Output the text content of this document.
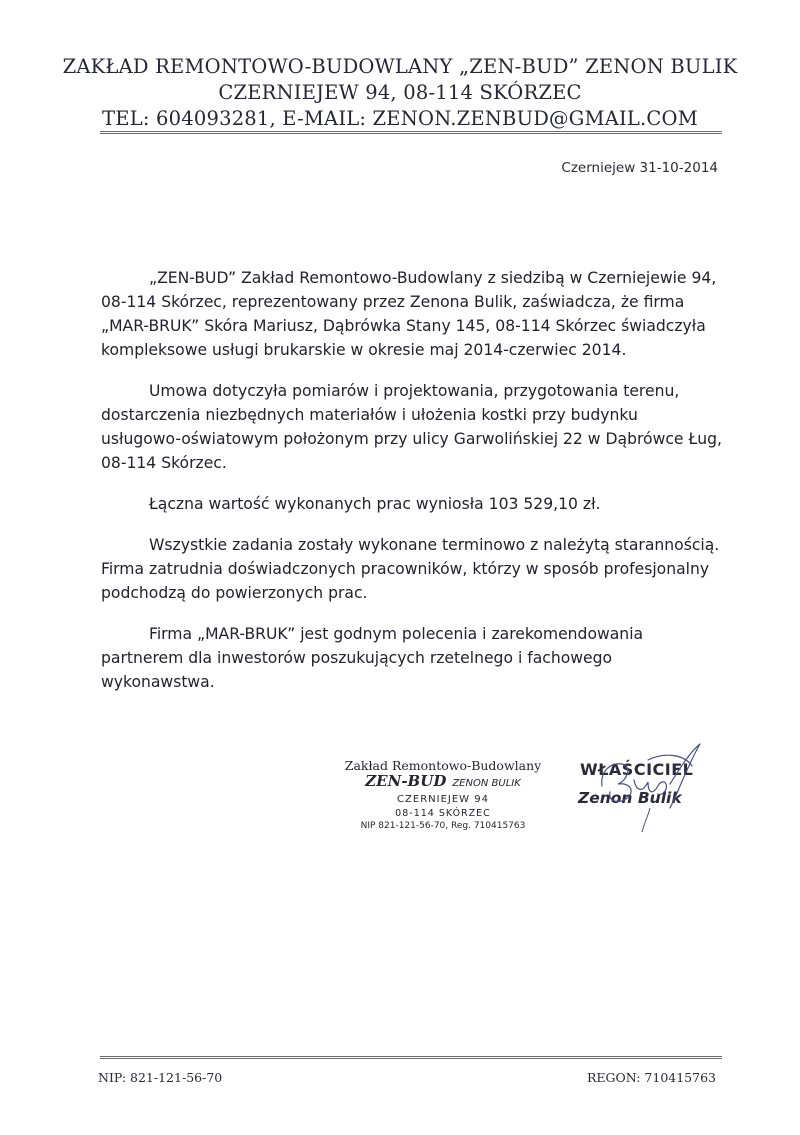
ZAKŁAD REMONTOWO-BUDOWLANY „ZEN-BUD” ZENON BULIK
CZERNIEJEW 94, 08-114 SKÓRZEC
TEL: 604093281, E-MAIL: ZENON.ZENBUD@GMAIL.COM
Czerniejew 31-10-2014

„ZEN-BUD” Zakład Remontowo-Budowlany z siedzibą w Czerniejewie 94,

08-114 Skórzec, reprezentowany przez Zenona Bulik, zaświadcza, że firma

„MAR-BRUK” Skóra Mariusz, Dąbrówka Stany 145, 08-114 Skórzec świadczyła

kompleksowe usługi brukarskie w okresie maj 2014-czerwiec 2014.

Umowa dotyczyła pomiarów i projektowania, przygotowania terenu,

dostarczenia niezbędnych materiałów i ułożenia kostki przy budynku

usługowo-oświatowym położonym przy ulicy Garwolińskiej 22 w Dąbrówce Ług,

08-114 Skórzec.

Łączna wartość wykonanych prac wyniosła 103 529,10 zł.

Wszystkie zadania zostały wykonane terminowo z należytą starannością.

Firma zatrudnia doświadczonych pracowników, którzy w sposób profesjonalny

podchodzą do powierzonych prac.

Firma „MAR-BRUK” jest godnym polecenia i zarekomendowania

partnerem dla inwestorów poszukujących rzetelnego i fachowego

wykonawstwa.

Zakład Remontowo-Budowlany
ZEN-BUD ZENON BULIK
CZERNIEJEW 94
08-114 SKÓRZEC
NIP 821-121-56-70, Reg. 710415763
WŁAŚCICIEL
Zenon Bulik
NIP: 821-121-56-70	REGON: 710415763
